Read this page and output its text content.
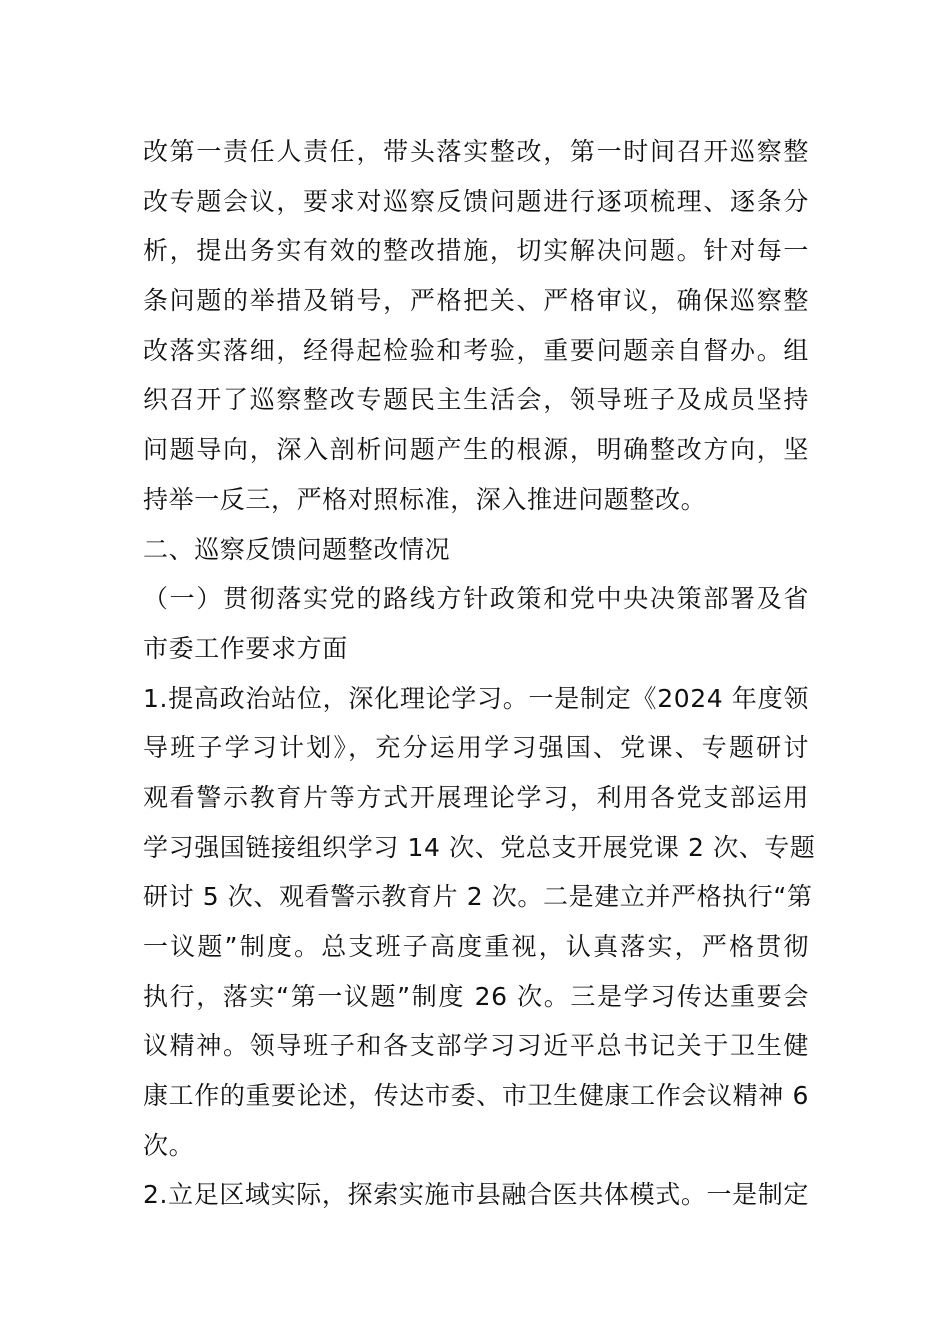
改第一责任人责任，带头落实整改，第一时间召开巡察整
改专题会议，要求对巡察反馈问题进行逐项梳理、逐条分
析，提出务实有效的整改措施，切实解决问题。针对每一
条问题的举措及销号，严格把关、严格审议，确保巡察整
改落实落细，经得起检验和考验，重要问题亲自督办。组
织召开了巡察整改专题民主生活会，领导班子及成员坚持
问题导向，深入剖析问题产生的根源，明确整改方向，坚
持举一反三，严格对照标准，深入推进问题整改。
二、巡察反馈问题整改情况
（一）贯彻落实党的路线方针政策和党中央决策部署及省
市委工作要求方面
1.提高政治站位，深化理论学习。一是制定《2024 年度领
导班子学习计划》，充分运用学习强国、党课、专题研讨
观看警示教育片等方式开展理论学习，利用各党支部运用
学习强国链接组织学习 14 次、党总支开展党课 2 次、专题
研讨 5 次、观看警示教育片 2 次。二是建立并严格执行“第
一议题”制度。总支班子高度重视，认真落实，严格贯彻
执行，落实“第一议题”制度 26 次。三是学习传达重要会
议精神。领导班子和各支部学习习近平总书记关于卫生健
康工作的重要论述，传达市委、市卫生健康工作会议精神 6
次。
2.立足区域实际，探索实施市县融合医共体模式。一是制定
